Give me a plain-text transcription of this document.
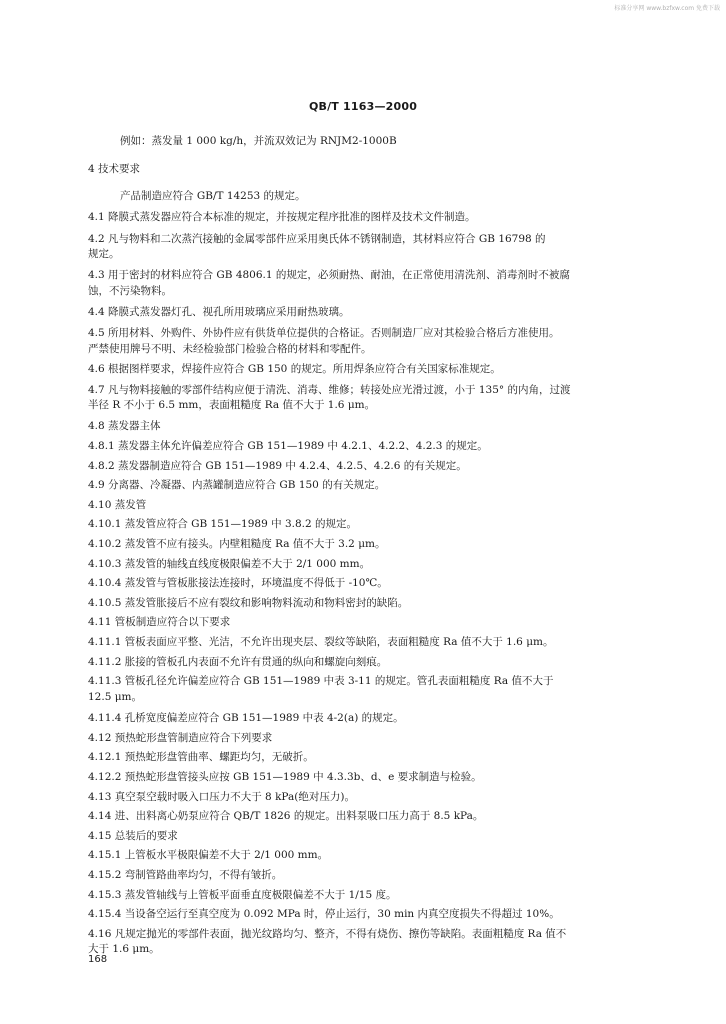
标准分享网 www.bzfxw.com 免费下载
QB/T 1163—2000
例如：蒸发量 1 000 kg/h，并流双效记为 RNJM2-1000B
4 技术要求
产品制造应符合 GB/T 14253 的规定。
4.1 降膜式蒸发器应符合本标准的规定，并按规定程序批准的图样及技术文件制造。
4.2 凡与物料和二次蒸汽接触的金属零部件应采用奥氏体不锈钢制造，其材料应符合 GB 16798 的
规定。
4.3 用于密封的材料应符合 GB 4806.1 的规定，必须耐热、耐油，在正常使用清洗剂、消毒剂时不被腐
蚀，不污染物料。
4.4 降膜式蒸发器灯孔、视孔所用玻璃应采用耐热玻璃。
4.5 所用材料、外购件、外协件应有供货单位提供的合格证。否则制造厂应对其检验合格后方准使用。
严禁使用牌号不明、未经检验部门检验合格的材料和零配件。
4.6 根据图样要求，焊接件应符合 GB 150 的规定。所用焊条应符合有关国家标准规定。
4.7 凡与物料接触的零部件结构应便于清洗、消毒、维修；转接处应光滑过渡，小于 135° 的内角，过渡
半径 R 不小于 6.5 mm，表面粗糙度 Ra 值不大于 1.6 μm。
4.8 蒸发器主体
4.8.1 蒸发器主体允许偏差应符合 GB 151—1989 中 4.2.1、4.2.2、4.2.3 的规定。
4.8.2 蒸发器制造应符合 GB 151—1989 中 4.2.4、4.2.5、4.2.6 的有关规定。
4.9 分离器、冷凝器、内蒸罐制造应符合 GB 150 的有关规定。
4.10 蒸发管
4.10.1 蒸发管应符合 GB 151—1989 中 3.8.2 的规定。
4.10.2 蒸发管不应有接头。内壁粗糙度 Ra 值不大于 3.2 μm。
4.10.3 蒸发管的轴线直线度极限偏差不大于 2/1 000 mm。
4.10.4 蒸发管与管板胀接法连接时，环境温度不得低于 -10℃。
4.10.5 蒸发管胀接后不应有裂纹和影响物料流动和物料密封的缺陷。
4.11 管板制造应符合以下要求
4.11.1 管板表面应平整、光洁，不允许出现夹层、裂纹等缺陷，表面粗糙度 Ra 值不大于 1.6 μm。
4.11.2 胀接的管板孔内表面不允许有贯通的纵向和螺旋向刻痕。
4.11.3 管板孔径允许偏差应符合 GB 151—1989 中表 3-11 的规定。管孔表面粗糙度 Ra 值不大于
12.5 μm。
4.11.4 孔桥宽度偏差应符合 GB 151—1989 中表 4-2(a) 的规定。
4.12 预热蛇形盘管制造应符合下列要求
4.12.1 预热蛇形盘管曲率、螺距均匀，无破折。
4.12.2 预热蛇形盘管接头应按 GB 151—1989 中 4.3.3b、d、e 要求制造与检验。
4.13 真空泵空载时吸入口压力不大于 8 kPa(绝对压力)。
4.14 进、出料离心奶泵应符合 QB/T 1826 的规定。出料泵吸口压力高于 8.5 kPa。
4.15 总装后的要求
4.15.1 上管板水平极限偏差不大于 2/1 000 mm。
4.15.2 弯制管路曲率均匀，不得有皱折。
4.15.3 蒸发管轴线与上管板平面垂直度极限偏差不大于 1/15 度。
4.15.4 当设备空运行至真空度为 0.092 MPa 时，停止运行，30 min 内真空度损失不得超过 10%。
4.16 凡规定抛光的零部件表面，抛光纹路均匀、整齐，不得有烧伤、擦伤等缺陷。表面粗糙度 Ra 值不
大于 1.6 μm。
168
